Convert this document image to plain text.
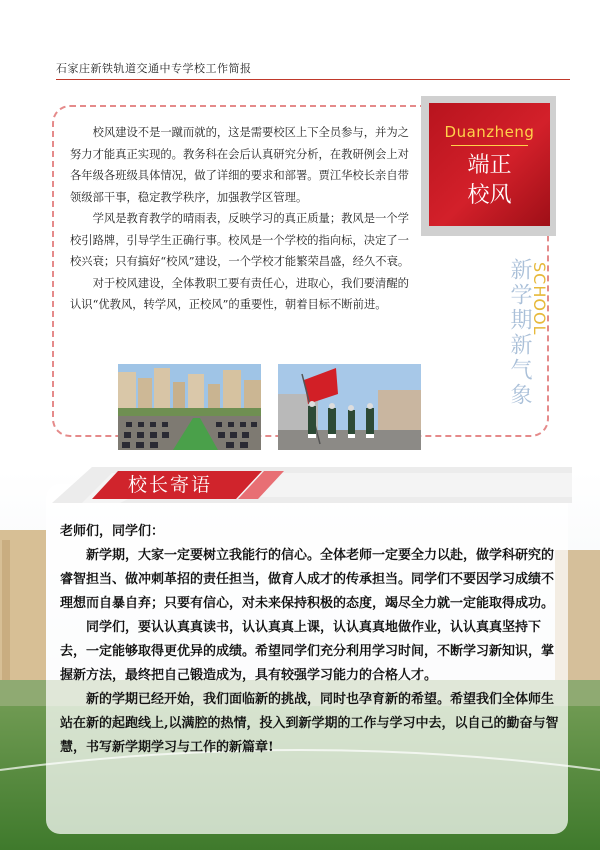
石家庄新铁轨道交通中专学校工作简报

校风建设不是一蹴而就的，这是需要校区上下全员参与，并为之努力才能真正实现的。教务科在会后认真研究分析，在教研例会上对各年级各班级具体情况，做了详细的要求和部署。贾江华校长亲自带领级部干事，稳定教学秩序，加强教学区管理。

学风是教育教学的晴雨表，反映学习的真正质量；教风是一个学校引路牌，引导学生正确行事。校风是一个学校的指向标，决定了一校兴衰；只有搞好“校风”建设，一个学校才能繁荣昌盛，经久不衰。

对于校风建设，全体教职工要有责任心，进取心，我们要清醒的认识“优教风，转学风，正校风”的重要性，朝着目标不断前进。

Duanzheng
端正
校风
SCHOOL
新学期新气象
校长寄语

老师们，同学们：

新学期，大家一定要树立我能行的信心。全体老师一定要全力以赴，做学科研究的睿智担当、做冲刺革招的责任担当，做育人成才的传承担当。同学们不要因学习成绩不理想而自暴自弃；只要有信心，对未来保持积极的态度，竭尽全力就一定能取得成功。

同学们，要认认真真读书，认认真真上课，认认真真地做作业，认认真真坚持下去，一定能够取得更优异的成绩。希望同学们充分利用学习时间，不断学习新知识，掌握新方法，最终把自己锻造成为，具有较强学习能力的合格人才。

新的学期已经开始，我们面临新的挑战，同时也孕育新的希望。希望我们全体师生站在新的起跑线上,以满腔的热情，投入到新学期的工作与学习中去，以自己的勤奋与智慧，书写新学期学习与工作的新篇章!
